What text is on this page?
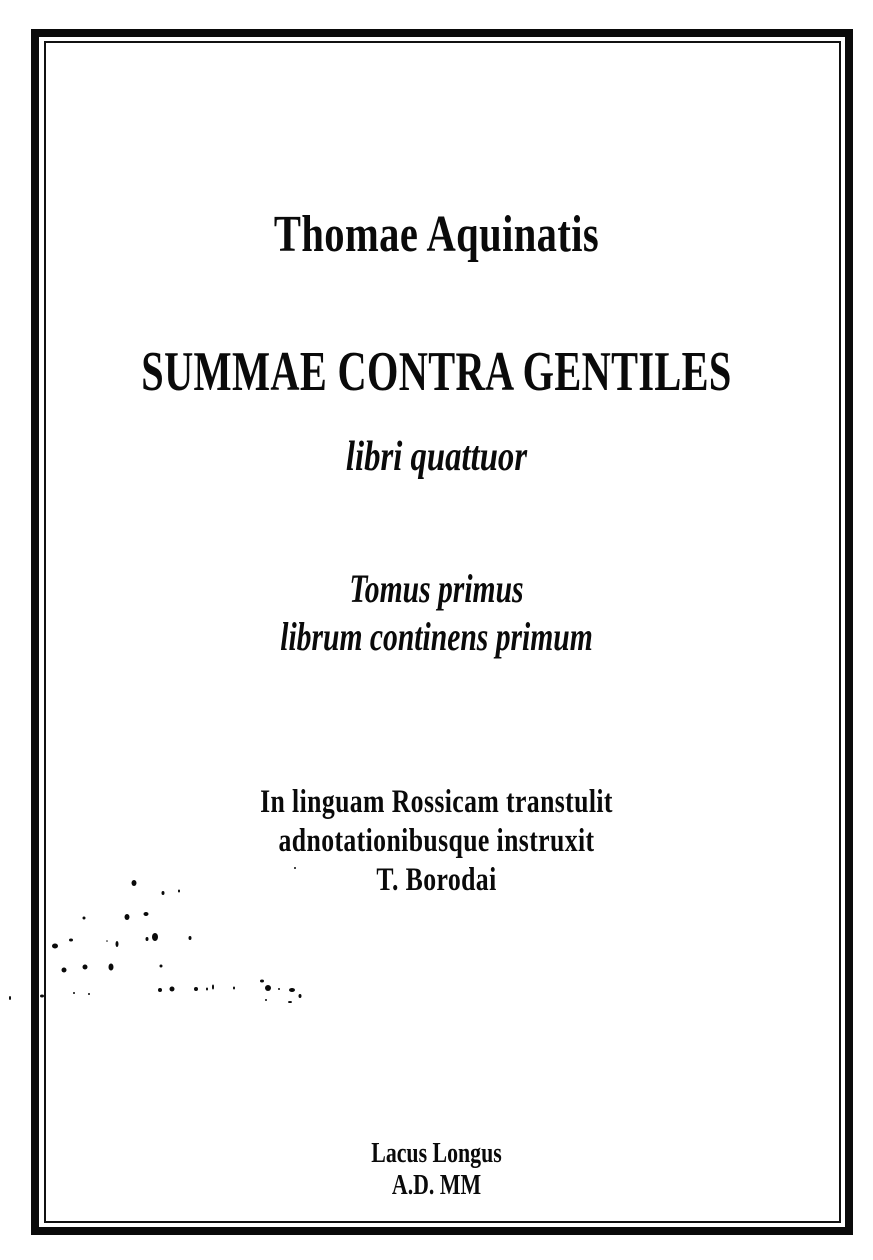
Thomae Aquinatis
SUMMAE CONTRA GENTILES
libri quattuor
Tomus primus
librum continens primum
In linguam Rossicam transtulit
adnotationibusque instruxit
T. Borodai
Lacus Longus
A.D. MM
